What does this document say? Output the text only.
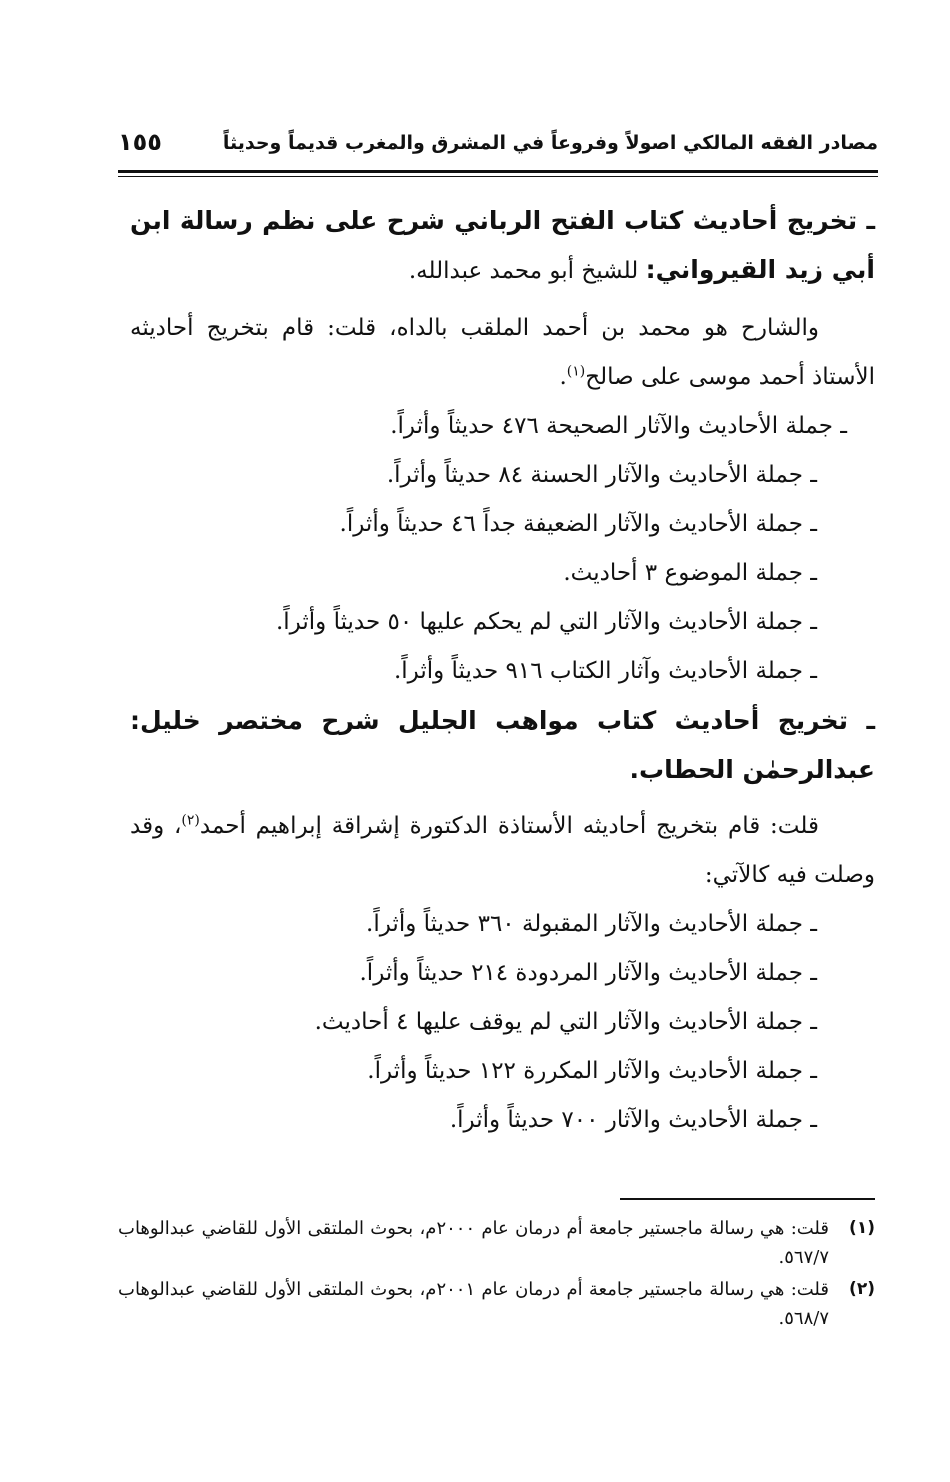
مصادر الفقه المالكي اصولاً وفروعاً في المشرق والمغرب قديماً وحديثاً
١٥٥

ـ تخريج أحاديث كتاب الفتح الرباني شرح على نظم رسالة ابن أبي زيد القيرواني: للشيخ أبو محمد عبدالله.

والشارح هو محمد بن أحمد الملقب بالداه، قلت: قام بتخريج أحاديثه الأستاذ أحمد موسى على صالح$^{(١)}$.

ـ جملة الأحاديث والآثار الصحيحة ٤٧٦ حديثاً وأثراً.

ـ جملة الأحاديث والآثار الحسنة ٨٤ حديثاً وأثراً.

ـ جملة الأحاديث والآثار الضعيفة جداً ٤٦ حديثاً وأثراً.

ـ جملة الموضوع ٣ أحاديث.

ـ جملة الأحاديث والآثار التي لم يحكم عليها ٥٠ حديثاً وأثراً.

ـ جملة الأحاديث وآثار الكتاب ٩١٦ حديثاً وأثراً.

ـ تخريج أحاديث كتاب مواهب الجليل شرح مختصر خليل: عبدالرحمٰن الحطاب.

قلت: قام بتخريج أحاديثه الأستاذة الدكتورة إشراقة إبراهيم أحمد$^{(٢)}$، وقد وصلت فيه كالآتي:

ـ جملة الأحاديث والآثار المقبولة ٣٦٠ حديثاً وأثراً.

ـ جملة الأحاديث والآثار المردودة ٢١٤ حديثاً وأثراً.

ـ جملة الأحاديث والآثار التي لم يوقف عليها ٤ أحاديث.

ـ جملة الأحاديث والآثار المكررة ١٢٢ حديثاً وأثراً.

ـ جملة الأحاديث والآثار ٧٠٠ حديثاً وأثراً.

(١)
قلت: هي رسالة ماجستير جامعة أم درمان عام ٢٠٠٠م، بحوث الملتقى الأول للقاضي عبدالوهاب ٥٦٧/٧.

(٢)
قلت: هي رسالة ماجستير جامعة أم درمان عام ٢٠٠١م، بحوث الملتقى الأول للقاضي عبدالوهاب ٥٦٨/٧.
